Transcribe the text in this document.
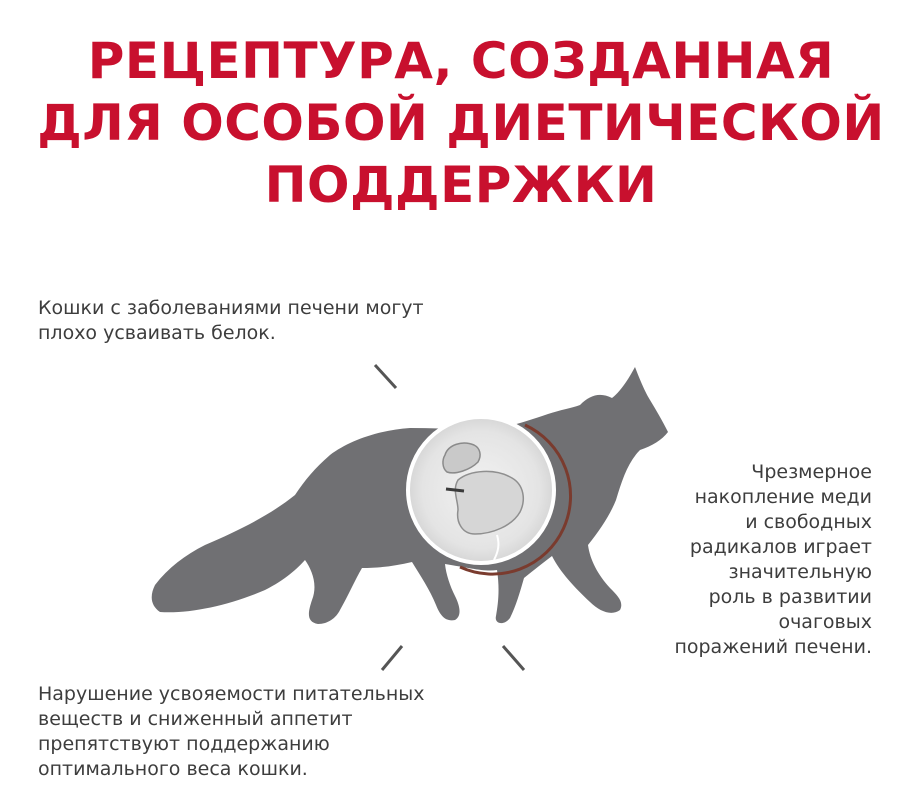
РЕЦЕПТУРА, СОЗДАННАЯ
ДЛЯ ОСОБОЙ ДИЕТИЧЕСКОЙ
ПОДДЕРЖКИ
Кошки с заболеваниями печени могут
плохо усваивать белок.
Нарушение усвояемости питательных
веществ и сниженный аппетит
препятствуют поддержанию
оптимального веса кошки.
Чрезмерное
накопление меди
и свободных
радикалов играет
значительную
роль в развитии
очаговых
поражений печени.
